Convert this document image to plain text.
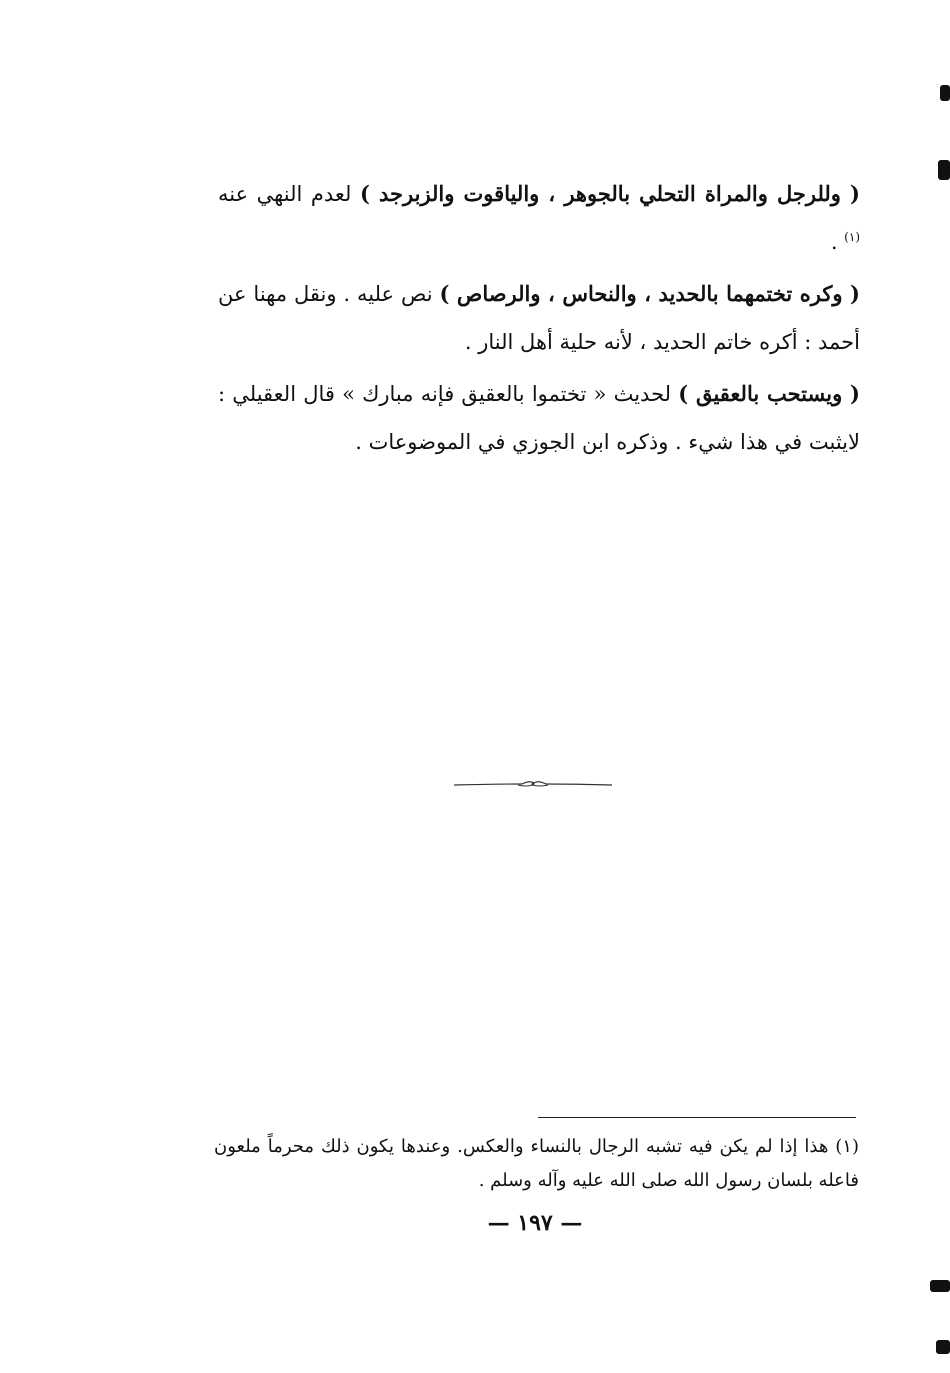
( وللرجل والمراة التحلي بالجوهر ، والياقوت والزبرجد ) لعدم النهي عنه $^{(١)}$ .

( وكره تختمهما بالحديد ، والنحاس ، والرصاص ) نص عليه . ونقل مهنا عن أحمد : أكره خاتم الحديد ، لأنه حلية أهل النار .

( ويستحب بالعقيق ) لحديث « تختموا بالعقيق فإنه مبارك » قال العقيلي : لايثبت في هذا شيء . وذكره ابن الجوزي في الموضوعات .

(١) هذا إذا لم يكن فيه تشبه الرجال بالنساء والعكس. وعندها يكون ذلك محرماً ملعون فاعله بلسان رسول الله صلى الله عليه وآله وسلم .

— ١٩٧ —
